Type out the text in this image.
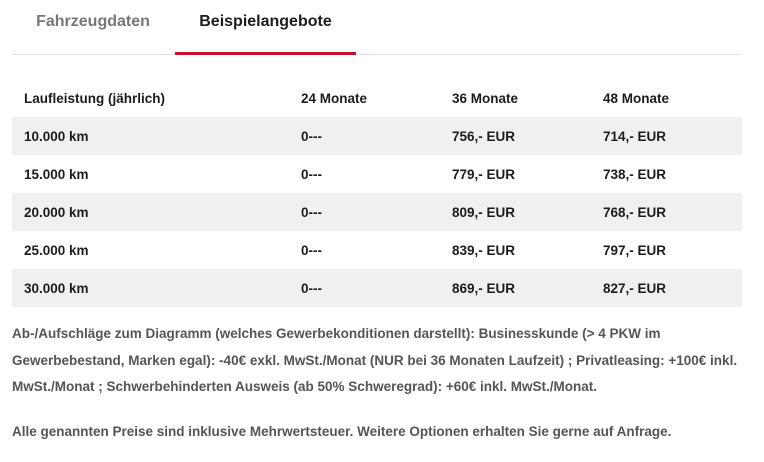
Fahrzeugdaten	Beispielangebote
Laufleistung (jährlich)	24 Monate	36 Monate	48 Monate
10.000 km	0---	756,- EUR	714,- EUR
15.000 km	0---	779,- EUR	738,- EUR
20.000 km	0---	809,- EUR	768,- EUR
25.000 km	0---	839,- EUR	797,- EUR
30.000 km	0---	869,- EUR	827,- EUR

Ab-/Aufschläge zum Diagramm (welches Gewerbekonditionen darstellt): Businesskunde (> 4 PKW im Gewerbebestand, Marken egal): -40€ exkl. MwSt./Monat (NUR bei 36 Monaten Laufzeit) ; Privatleasing: +100€ inkl. MwSt./Monat ; Schwerbehinderten Ausweis (ab 50% Schweregrad): +60€ inkl. MwSt./Monat.

Alle genannten Preise sind inklusive Mehrwertsteuer. Weitere Optionen erhalten Sie gerne auf Anfrage.
